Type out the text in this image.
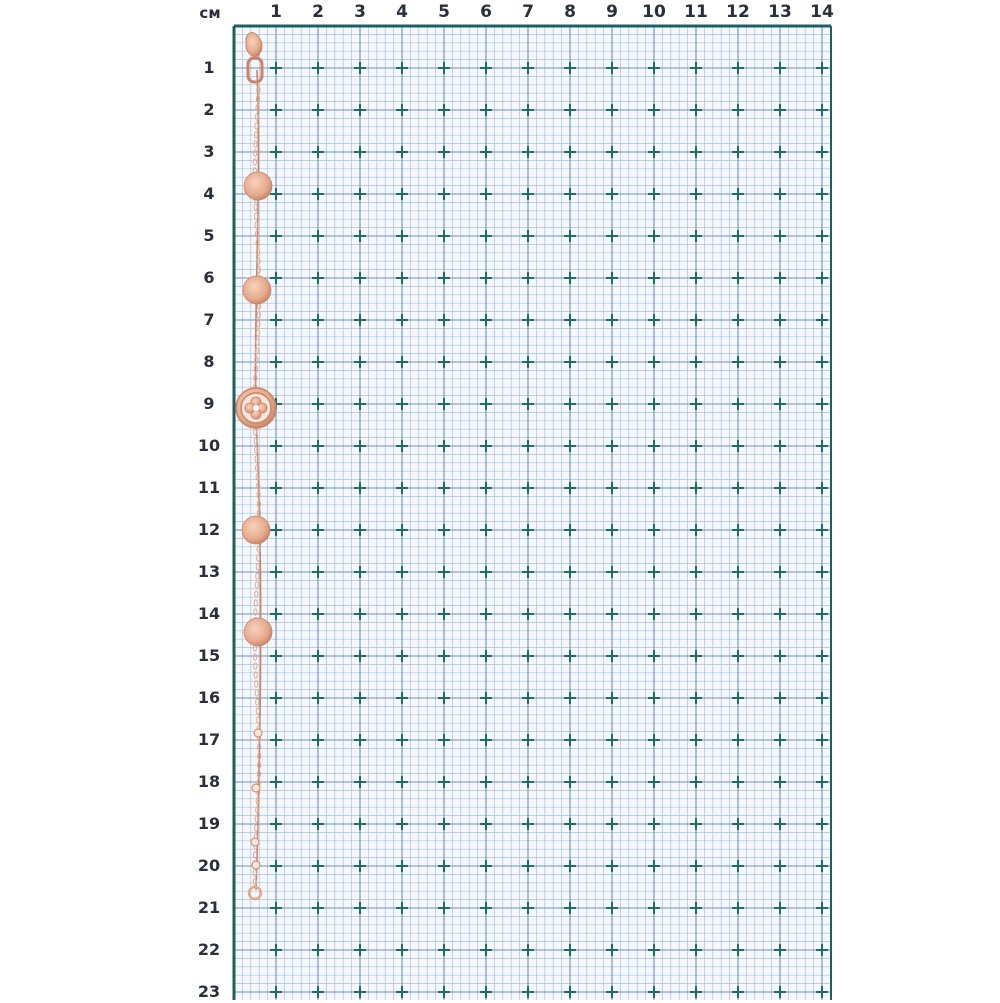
см	1	2	3	4	5	6	7	8	9	10	11	12	13	14
1
2
3
4
5
6
7
8
9
10
11
12
13
14
15
16
17
18
19
20
21
22
23
